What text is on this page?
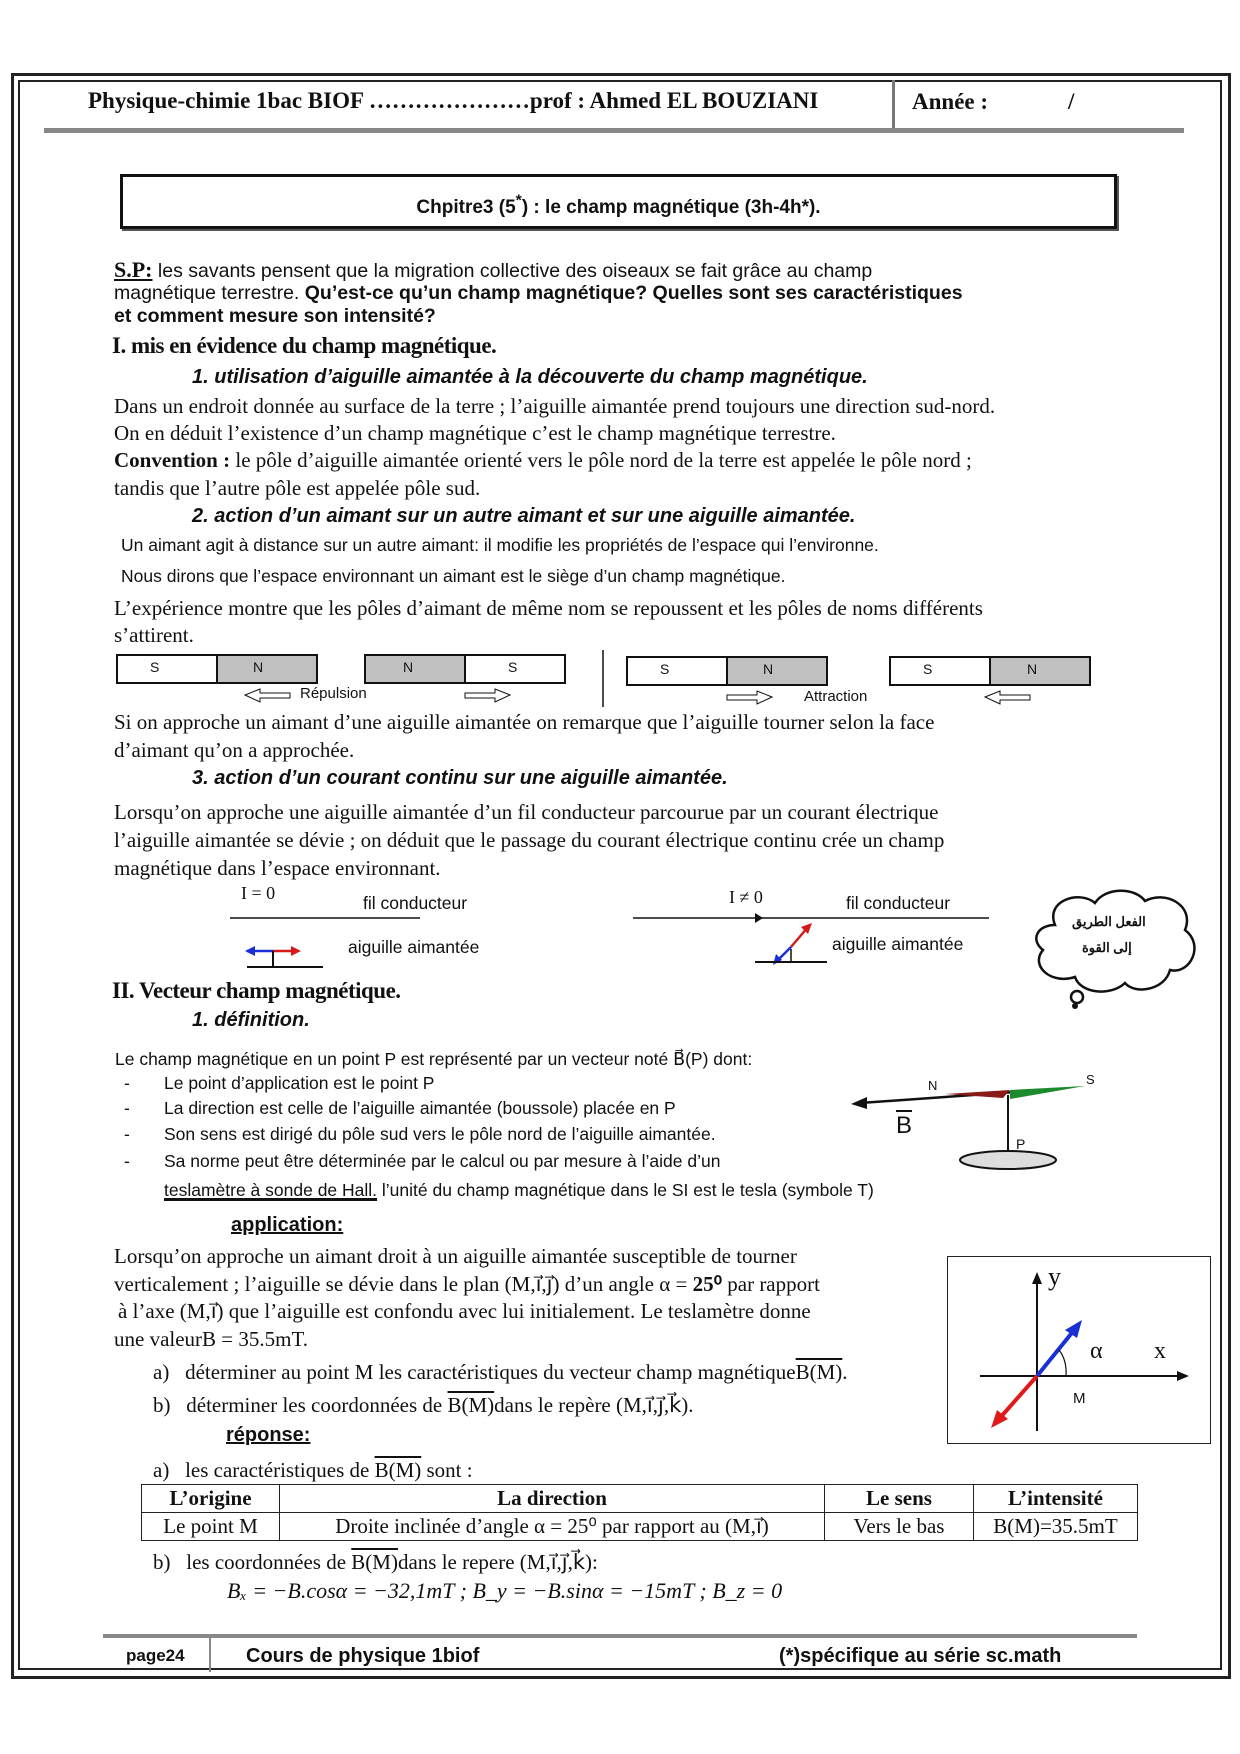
Physique-chimie 1bac BIOF …………………prof : Ahmed EL BOUZIANI	Année :	/
Chpitre3 (5*) : le champ magnétique (3h-4h*).
S.P: les savants pensent que la migration collective des oiseaux se fait grâce au champ
magnétique terrestre. Qu’est-ce qu’un champ magnétique? Quelles sont ses caractéristiques
et comment mesure son intensité?
I. mis en évidence du champ magnétique.
1. utilisation d’aiguille aimantée à la découverte du champ magnétique.
Dans un endroit donnée au surface de la terre ; l’aiguille aimantée prend toujours une direction sud-nord.
On en déduit l’existence d’un champ magnétique c’est le champ magnétique terrestre.
Convention : le pôle d’aiguille aimantée orienté vers le pôle nord de la terre est appelée le pôle nord ;
tandis que l’autre pôle est appelée pôle sud.
2. action d’un aimant sur un autre aimant et sur une aiguille aimantée.
Un aimant agit à distance sur un autre aimant: il modifie les propriétés de l’espace qui l’environne.
Nous dirons que l’espace environnant un aimant est le siège d’un champ magnétique.
L’expérience montre que les pôles d’aimant de même nom se repoussent et les pôles de noms différents
s’attirent.
S	N	N	S	S	N	S	N
Répulsion	Attraction
Si on approche un aimant d’une aiguille aimantée on remarque que l’aiguille tourner selon la face
d’aimant qu’on a approchée.
3. action d’un courant continu sur une aiguille aimantée.
Lorsqu’on approche une aiguille aimantée d’un fil conducteur parcourue par un courant électrique
l’aiguille aimantée se dévie ; on déduit que le passage du courant électrique continu crée un champ
magnétique dans l’espace environnant.
I = 0	fil conducteur
aiguille aimantée
I ≠ 0	fil conducteur
aiguille aimantée
الفعل الطريق
إلى القوة
II. Vecteur champ magnétique.
1. définition.
Le champ magnétique en un point P est représenté par un vecteur noté B⃗(P) dont:
- Le point d’application est le point P
- La direction est celle de l’aiguille aimantée (boussole) placée en P
- Son sens est dirigé du pôle sud vers le pôle nord de l’aiguille aimantée.
- Sa norme peut être déterminée par le calcul ou par mesure à l’aide d’un
teslamètre à sonde de Hall. l’unité du champ magnétique dans le SI est le tesla (symbole T)
N	S
$\overline{B}$
P
application:
Lorsqu’on approche un aimant droit à un aiguille aimantée susceptible de tourner
verticalement ; l’aiguille se dévie dans le plan (M,i⃗,j⃗) d’un angle α = 25⁰ par rapport
à l’axe (M,i⃗) que l’aiguille est confondu avec lui initialement. Le teslamètre donne
une valeurB = 35.5mT.
a) déterminer au point M les caractéristiques du vecteur champ magnétiqueB(M).
b) déterminer les coordonnées de B(M)dans le repère (M,i⃗,j⃗,k⃗).
y
x
α
M
réponse:
a) les caractéristiques de B(M) sont :
L’origine	La direction	Le sens	L’intensité
Le point M	Droite inclinée d’angle α = 25⁰ par rapport au (M,i⃗)	Vers le bas	B(M)=35.5mT
b) les coordonnées de B(M)dans le repere (M,i⃗,j⃗,k⃗):
Bₓ = −B.cosα = −32,1mT ; B_y = −B.sinα = −15mT ; B_z = 0
page24	Cours de physique 1biof	(*)spécifique au série sc.math
